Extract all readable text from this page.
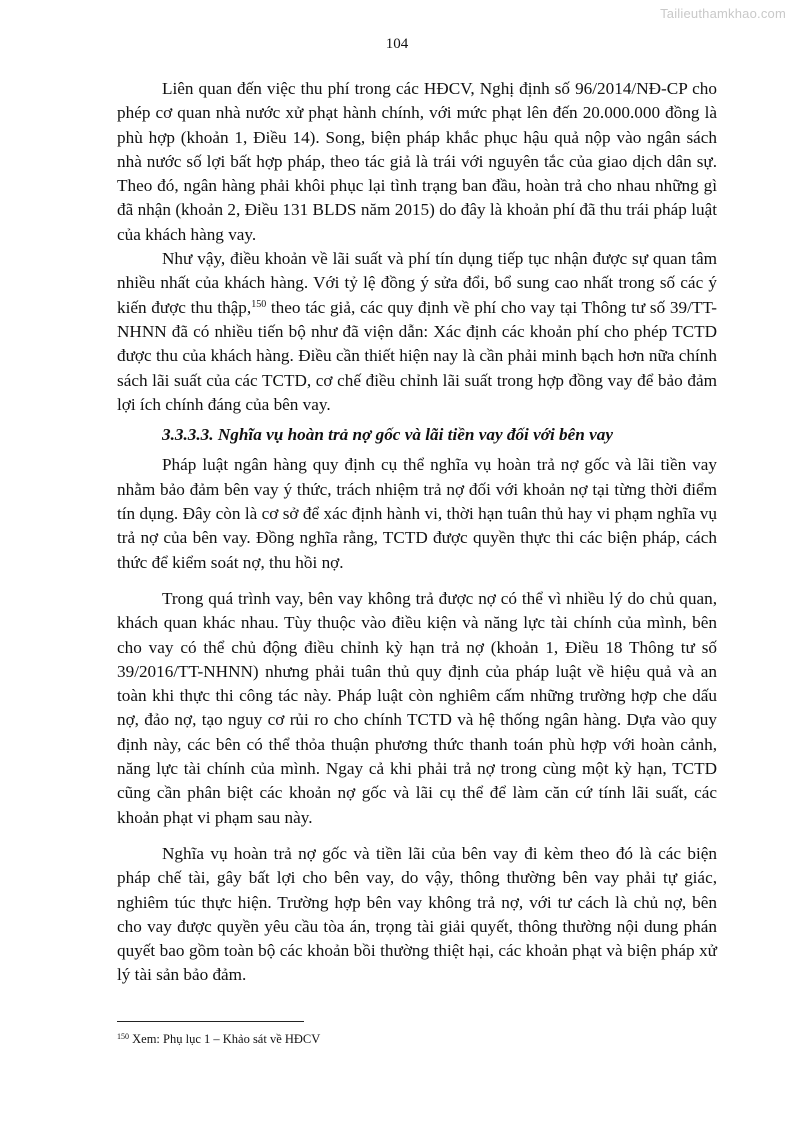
Tailieuthamkhao.com
104

Liên quan đến việc thu phí trong các HĐCV, Nghị định số 96/2014/NĐ-CP cho phép cơ quan nhà nước xử phạt hành chính, với mức phạt lên đến 20.000.000 đồng là phù hợp (khoản 1, Điều 14). Song, biện pháp khắc phục hậu quả nộp vào ngân sách nhà nước số lợi bất hợp pháp, theo tác giả là trái với nguyên tắc của giao dịch dân sự. Theo đó, ngân hàng phải khôi phục lại tình trạng ban đầu, hoàn trả cho nhau những gì đã nhận (khoản 2, Điều 131 BLDS năm 2015) do đây là khoản phí đã thu trái pháp luật của khách hàng vay.

Như vậy, điều khoản về lãi suất và phí tín dụng tiếp tục nhận được sự quan tâm nhiều nhất của khách hàng. Với tỷ lệ đồng ý sửa đổi, bổ sung cao nhất trong số các ý kiến được thu thập,$^{150}$ theo tác giả, các quy định về phí cho vay tại Thông tư số 39/TT-NHNN đã có nhiều tiến bộ như đã viện dẫn: Xác định các khoản phí cho phép TCTD được thu của khách hàng. Điều cần thiết hiện nay là cần phải minh bạch hơn nữa chính sách lãi suất của các TCTD, cơ chế điều chỉnh lãi suất trong hợp đồng vay để bảo đảm lợi ích chính đáng của bên vay.

3.3.3.3. Nghĩa vụ hoàn trả nợ gốc và lãi tiền vay đối với bên vay

Pháp luật ngân hàng quy định cụ thể nghĩa vụ hoàn trả nợ gốc và lãi tiền vay nhằm bảo đảm bên vay ý thức, trách nhiệm trả nợ đối với khoản nợ tại từng thời điểm tín dụng. Đây còn là cơ sở để xác định hành vi, thời hạn tuân thủ hay vi phạm nghĩa vụ trả nợ của bên vay. Đồng nghĩa rằng, TCTD được quyền thực thi các biện pháp, cách thức để kiểm soát nợ, thu hồi nợ.

Trong quá trình vay, bên vay không trả được nợ có thể vì nhiều lý do chủ quan, khách quan khác nhau. Tùy thuộc vào điều kiện và năng lực tài chính của mình, bên cho vay có thể chủ động điều chỉnh kỳ hạn trả nợ (khoản 1, Điều 18 Thông tư số 39/2016/TT-NHNN) nhưng phải tuân thủ quy định của pháp luật về hiệu quả và an toàn khi thực thi công tác này. Pháp luật còn nghiêm cấm những trường hợp che dấu nợ, đảo nợ, tạo nguy cơ rủi ro cho chính TCTD và hệ thống ngân hàng. Dựa vào quy định này, các bên có thể thỏa thuận phương thức thanh toán phù hợp với hoàn cảnh, năng lực tài chính của mình. Ngay cả khi phải trả nợ trong cùng một kỳ hạn, TCTD cũng cần phân biệt các khoản nợ gốc và lãi cụ thể để làm căn cứ tính lãi suất, các khoản phạt vi phạm sau này.

Nghĩa vụ hoàn trả nợ gốc và tiền lãi của bên vay đi kèm theo đó là các biện pháp chế tài, gây bất lợi cho bên vay, do vậy, thông thường bên vay phải tự giác, nghiêm túc thực hiện. Trường hợp bên vay không trả nợ, với tư cách là chủ nợ, bên cho vay được quyền yêu cầu tòa án, trọng tài giải quyết, thông thường nội dung phán quyết bao gồm toàn bộ các khoản bồi thường thiệt hại, các khoản phạt và biện pháp xử lý tài sản bảo đảm.

$^{150}$ Xem: Phụ lục 1 – Khảo sát về HĐCV
